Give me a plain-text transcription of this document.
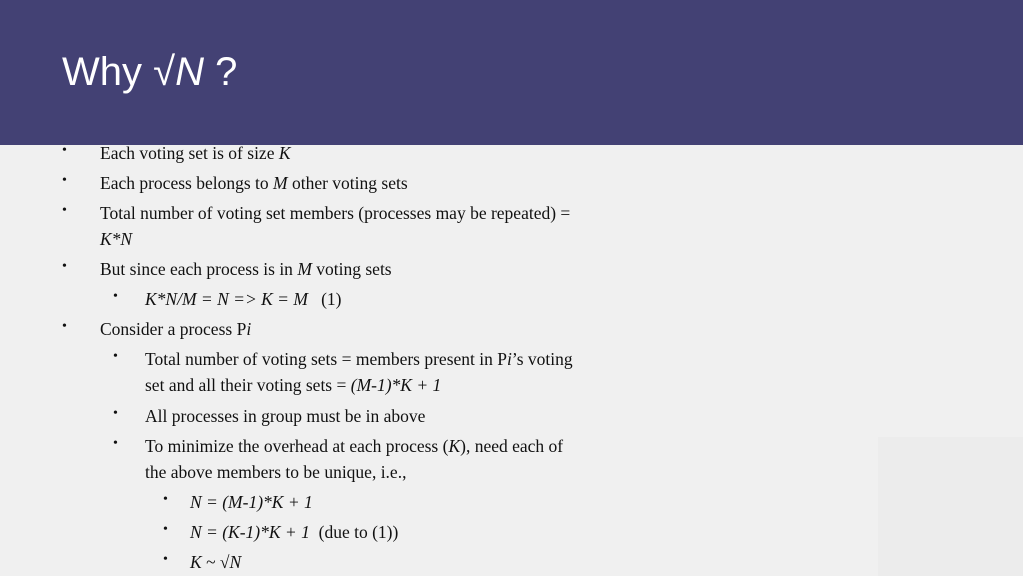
Why √N ?
• Each voting set is of size K
• Each process belongs to M other voting sets
• Total number of voting set members (processes may be repeated) =
K*N
• But since each process is in M voting sets
• K*N/M = N => K = M   (1)
• Consider a process Pi
• Total number of voting sets = members present in Pi’s voting
set and all their voting sets = (M-1)*K + 1
• All processes in group must be in above
• To minimize the overhead at each process (K), need each of
the above members to be unique, i.e.,
• N = (M-1)*K + 1
• N = (K-1)*K + 1  (due to (1))
• K ~ √N
